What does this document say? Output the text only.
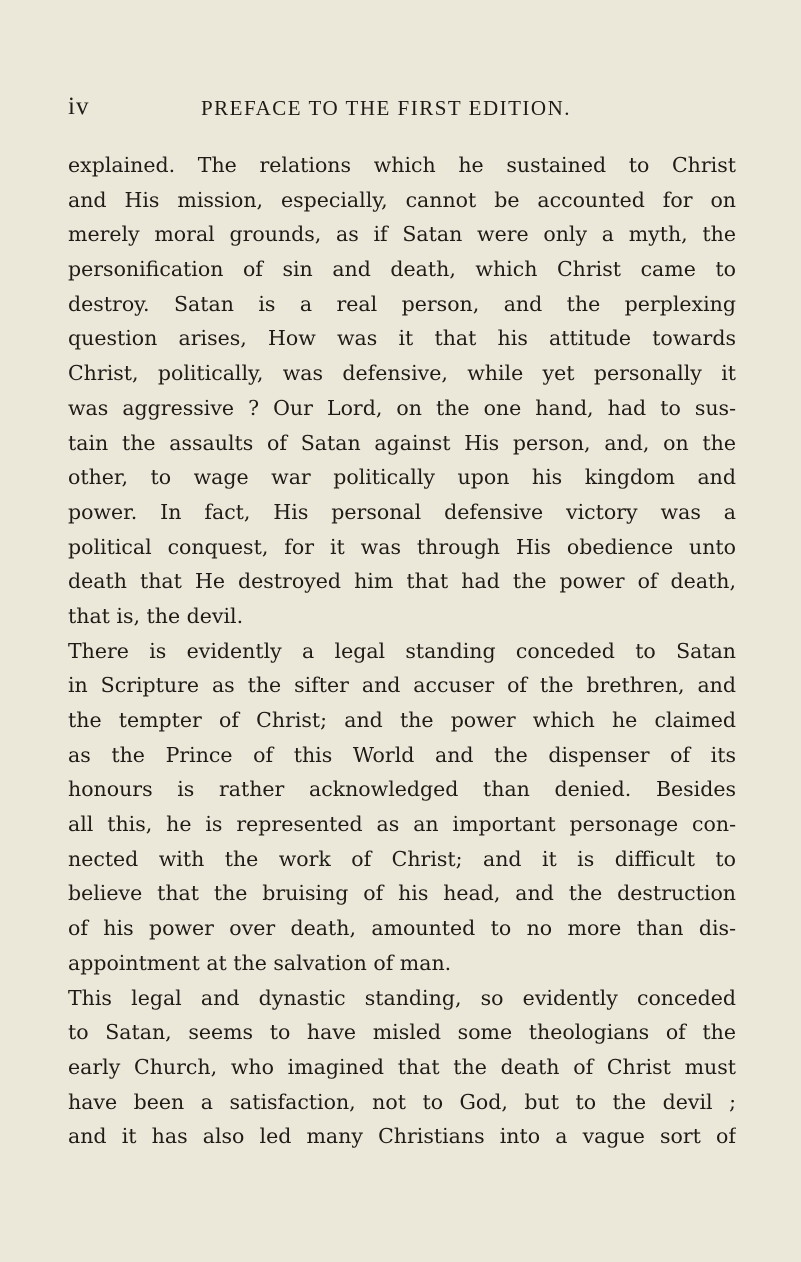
iv	PREFACE TO THE FIRST EDITION.
explained. The relations which he sustained to Christ
and His mission, especially, cannot be accounted for on
merely moral grounds, as if Satan were only a myth, the
personification of sin and death, which Christ came to
destroy. Satan is a real person, and the perplexing
question arises, How was it that his attitude towards
Christ, politically, was defensive, while yet personally it
was aggressive ? Our Lord, on the one hand, had to sus-
tain the assaults of Satan against His person, and, on the
other, to wage war politically upon his kingdom and
power. In fact, His personal defensive victory was a
political conquest, for it was through His obedience unto
death that He destroyed him that had the power of death,
that is, the devil.
There is evidently a legal standing conceded to Satan
in Scripture as the sifter and accuser of the brethren, and
the tempter of Christ; and the power which he claimed
as the Prince of this World and the dispenser of its
honours is rather acknowledged than denied. Besides
all this, he is represented as an important personage con-
nected with the work of Christ; and it is difficult to
believe that the bruising of his head, and the destruction
of his power over death, amounted to no more than dis-
appointment at the salvation of man.
This legal and dynastic standing, so evidently conceded
to Satan, seems to have misled some theologians of the
early Church, who imagined that the death of Christ must
have been a satisfaction, not to God, but to the devil ;
and it has also led many Christians into a vague sort of
